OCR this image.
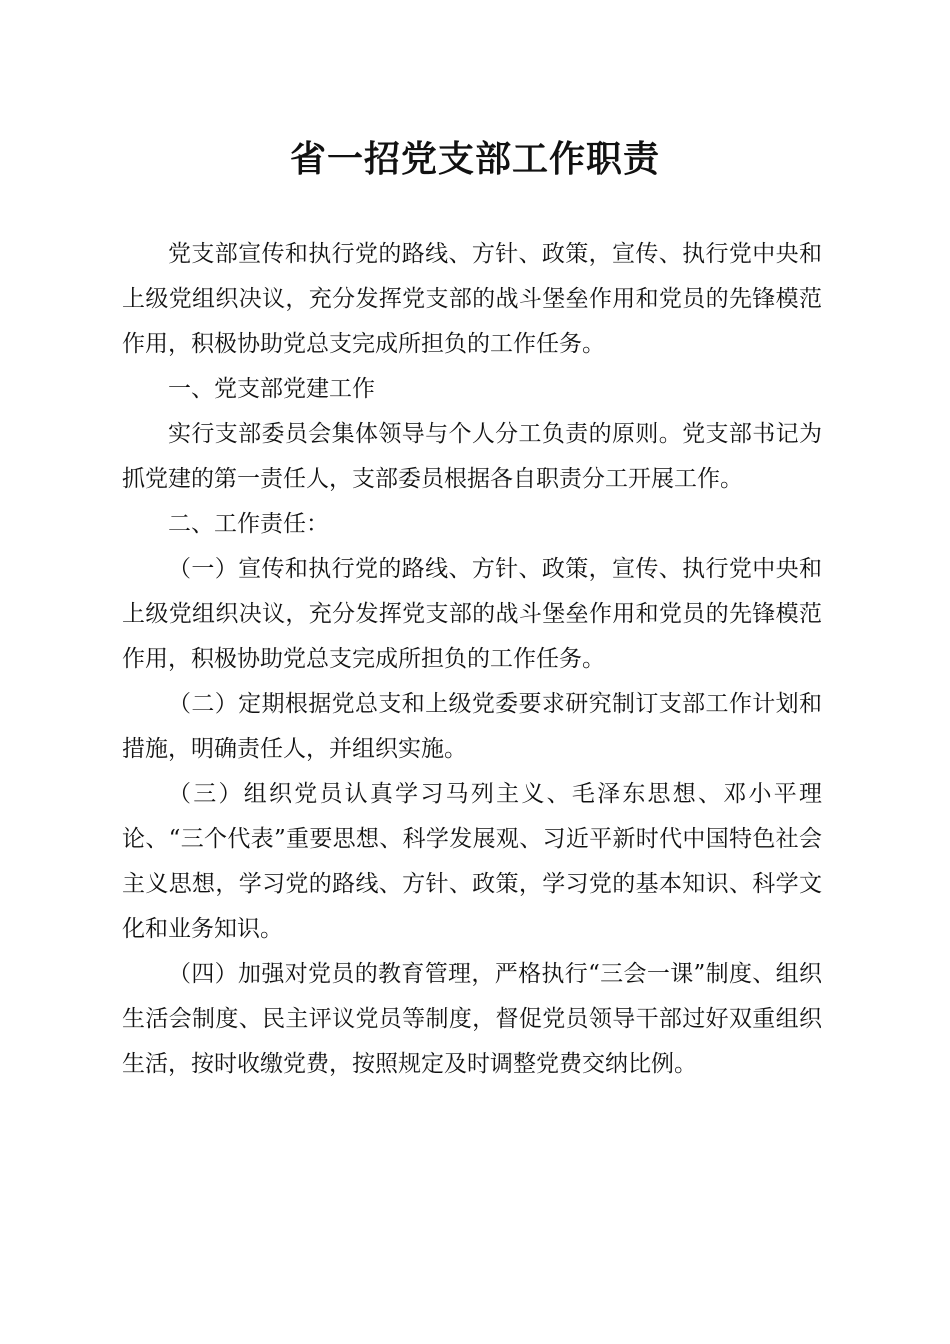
省一招党支部工作职责

党支部宣传和执行党的路线、方针、政策，宣传、执行党中央和上级党组织决议，充分发挥党支部的战斗堡垒作用和党员的先锋模范作用，积极协助党总支完成所担负的工作任务。

一、党支部党建工作

实行支部委员会集体领导与个人分工负责的原则。党支部书记为抓党建的第一责任人，支部委员根据各自职责分工开展工作。

二、工作责任：

（一）宣传和执行党的路线、方针、政策，宣传、执行党中央和上级党组织决议，充分发挥党支部的战斗堡垒作用和党员的先锋模范作用，积极协助党总支完成所担负的工作任务。

（二）定期根据党总支和上级党委要求研究制订支部工作计划和措施，明确责任人，并组织实施。

（三）组织党员认真学习马列主义、毛泽东思想、邓小平理论、“三个代表”重要思想、科学发展观、习近平新时代中国特色社会主义思想，学习党的路线、方针、政策，学习党的基本知识、科学文化和业务知识。

（四）加强对党员的教育管理，严格执行“三会一课”制度、组织生活会制度、民主评议党员等制度，督促党员领导干部过好双重组织生活，按时收缴党费，按照规定及时调整党费交纳比例。
